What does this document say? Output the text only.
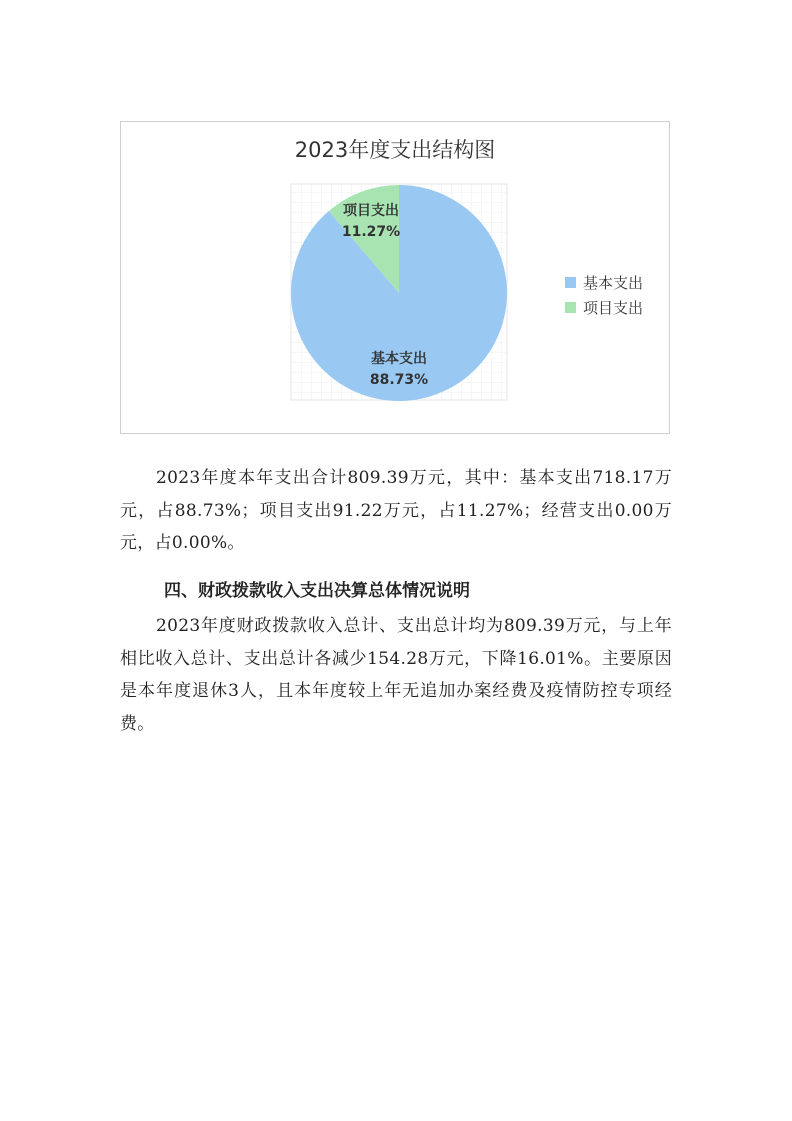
2023年度支出结构图
基本支出
88.73%
项目支出
11.27%
基本支出
项目支出

2023年度本年支出合计809.39万元，其中：基本支出718.17万元，占88.73%；项目支出91.22万元，占11.27%；经营支出0.00万元，占0.00%。

四、财政拨款收入支出决算总体情况说明

2023年度财政拨款收入总计、支出总计均为809.39万元，与上年相比收入总计、支出总计各减少154.28万元，下降16.01%。主要原因是本年度退休3人，且本年度较上年无追加办案经费及疫情防控专项经费。
